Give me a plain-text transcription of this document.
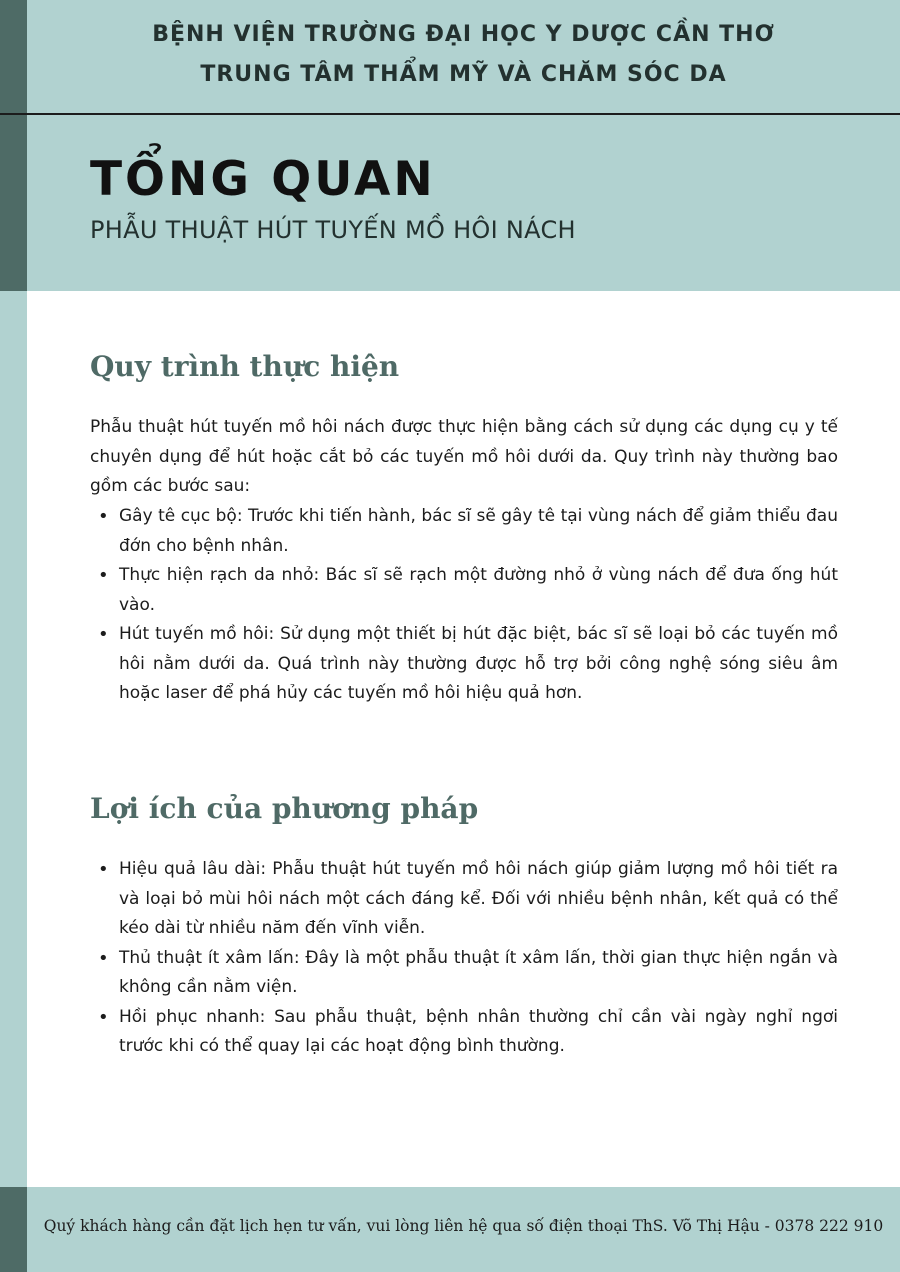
BỆNH VIỆN TRƯỜNG ĐẠI HỌC Y DƯỢC CẦN THƠ
TRUNG TÂM THẨM MỸ VÀ CHĂM SÓC DA
TỔNG QUAN
PHẪU THUẬT HÚT TUYẾN MỒ HÔI NÁCH
Quy trình thực hiện

Phẫu thuật hút tuyến mồ hôi nách được thực hiện bằng cách sử dụng các dụng cụ y tế chuyên dụng để hút hoặc cắt bỏ các tuyến mồ hôi dưới da. Quy trình này thường bao gồm các bước sau:

• Gây tê cục bộ: Trước khi tiến hành, bác sĩ sẽ gây tê tại vùng nách để giảm thiểu đau đớn cho bệnh nhân.
• Thực hiện rạch da nhỏ: Bác sĩ sẽ rạch một đường nhỏ ở vùng nách để đưa ống hút vào.
• Hút tuyến mồ hôi: Sử dụng một thiết bị hút đặc biệt, bác sĩ sẽ loại bỏ các tuyến mồ hôi nằm dưới da. Quá trình này thường được hỗ trợ bởi công nghệ sóng siêu âm hoặc laser để phá hủy các tuyến mồ hôi hiệu quả hơn.
Lợi ích của phương pháp
• Hiệu quả lâu dài: Phẫu thuật hút tuyến mồ hôi nách giúp giảm lượng mồ hôi tiết ra và loại bỏ mùi hôi nách một cách đáng kể. Đối với nhiều bệnh nhân, kết quả có thể kéo dài từ nhiều năm đến vĩnh viễn.
• Thủ thuật ít xâm lấn: Đây là một phẫu thuật ít xâm lấn, thời gian thực hiện ngắn và không cần nằm viện.
• Hồi phục nhanh: Sau phẫu thuật, bệnh nhân thường chỉ cần vài ngày nghỉ ngơi trước khi có thể quay lại các hoạt động bình thường.
Quý khách hàng cần đặt lịch hẹn tư vấn, vui lòng liên hệ qua số điện thoại ThS. Võ Thị Hậu - 0378 222 910
